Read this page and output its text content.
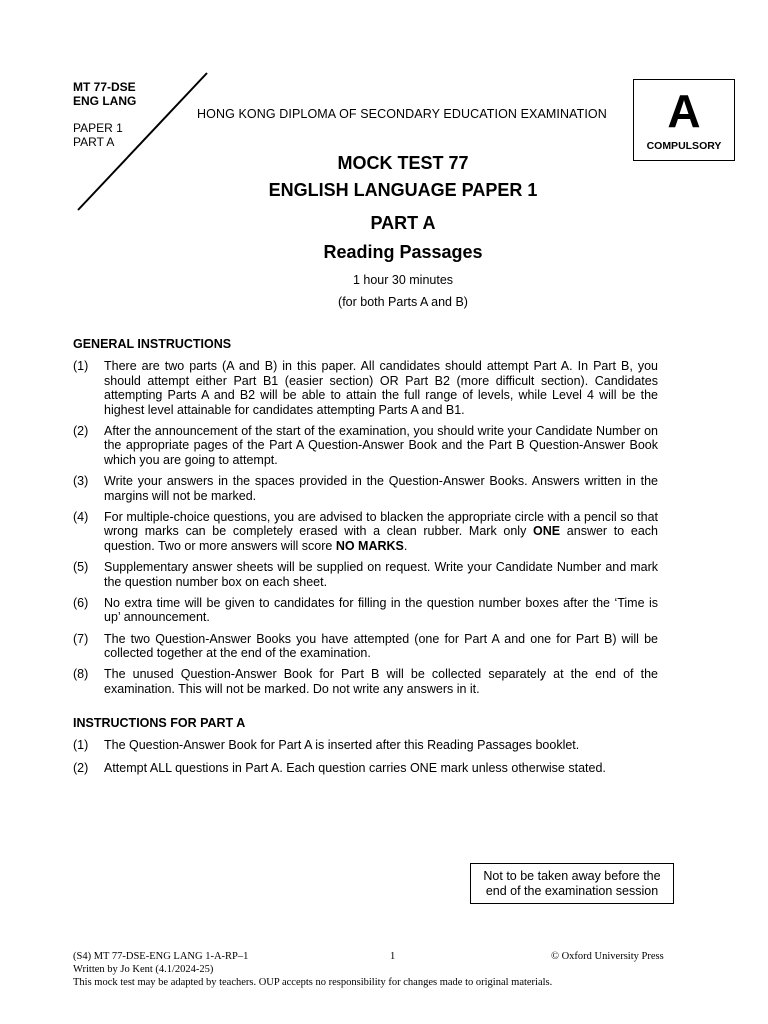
MT 77-DSE
ENG LANG
PAPER 1
PART A
HONG KONG DIPLOMA OF SECONDARY EDUCATION EXAMINATION	A
COMPULSORY
MOCK TEST 77
ENGLISH LANGUAGE PAPER 1
PART A
Reading Passages
1 hour 30 minutes
(for both Parts A and B)
GENERAL INSTRUCTIONS
(1)	There are two parts (A and B) in this paper. All candidates should attempt Part A. In Part B, you should attempt either Part B1 (easier section) OR Part B2 (more difficult section). Candidates attempting Parts A and B2 will be able to attain the full range of levels, while Level 4 will be the highest level attainable for candidates attempting Parts A and B1.
(2)	After the announcement of the start of the examination, you should write your Candidate Number on the appropriate pages of the Part A Question-Answer Book and the Part B Question-Answer Book which you are going to attempt.
(3)	Write your answers in the spaces provided in the Question-Answer Books. Answers written in the margins will not be marked.
(4)	For multiple-choice questions, you are advised to blacken the appropriate circle with a pencil so that wrong marks can be completely erased with a clean rubber. Mark only ONE answer to each question. Two or more answers will score NO MARKS.
(5)	Supplementary answer sheets will be supplied on request. Write your Candidate Number and mark the question number box on each sheet.
(6)	No extra time will be given to candidates for filling in the question number boxes after the ‘Time is up’ announcement.
(7)	The two Question-Answer Books you have attempted (one for Part A and one for Part B) will be collected together at the end of the examination.
(8)	The unused Question-Answer Book for Part B will be collected separately at the end of the examination. This will not be marked. Do not write any answers in it.
INSTRUCTIONS FOR PART A
(1)	The Question-Answer Book for Part A is inserted after this Reading Passages booklet.
(2)	Attempt ALL questions in Part A. Each question carries ONE mark unless otherwise stated.
Not to be taken away before the
end of the examination session
(S4) MT 77-DSE-ENG LANG 1-A-RP–1	1	© Oxford University Press
Written by Jo Kent (4.1/2024-25)
This mock test may be adapted by teachers. OUP accepts no responsibility for changes made to original materials.
